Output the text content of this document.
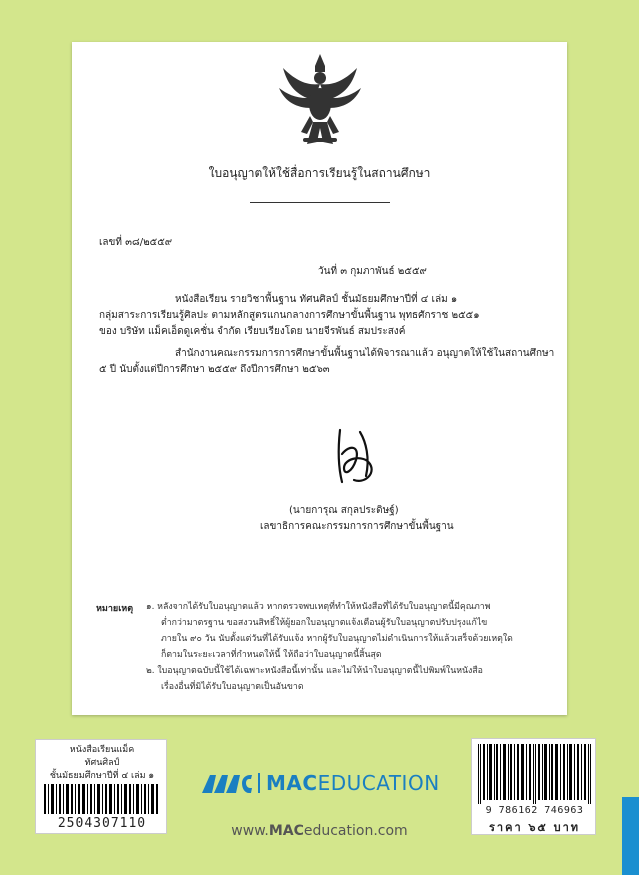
ใบอนุญาตให้ใช้สื่อการเรียนรู้ในสถานศึกษา
เลขที่ ๓๘/๒๕๕๙
วันที่ ๓ กุมภาพันธ์ ๒๕๕๙
หนังสือเรียน รายวิชาพื้นฐาน ทัศนศิลป์ ชั้นมัธยมศึกษาปีที่ ๔ เล่ม ๑
กลุ่มสาระการเรียนรู้ศิลปะ ตามหลักสูตรแกนกลางการศึกษาขั้นพื้นฐาน พุทธศักราช ๒๕๕๑
ของ บริษัท แม็คเอ็ดดูเคชั่น จำกัด เรียบเรียงโดย นายจีรพันธ์ สมประสงค์
สำนักงานคณะกรรมการการศึกษาขั้นพื้นฐานได้พิจารณาแล้ว อนุญาตให้ใช้ในสถานศึกษา
๕ ปี นับตั้งแต่ปีการศึกษา ๒๕๕๙ ถึงปีการศึกษา ๒๕๖๓
(นายการุณ สกุลประดิษฐ์)
เลขาธิการคณะกรรมการการศึกษาขั้นพื้นฐาน
หมายเหตุ ๑. หลังจากได้รับใบอนุญาตแล้ว หากตรวจพบเหตุที่ทำให้หนังสือที่ได้รับใบอนุญาตนี้มีคุณภาพ
ต่ำกว่ามาตรฐาน ขอสงวนสิทธิ์ให้ผู้ยอกใบอนุญาตแจ้งเตือนผู้รับใบอนุญาตปรับปรุงแก้ไข
ภายใน ๙๐ วัน นับตั้งแต่วันที่ได้รับแจ้ง หากผู้รับใบอนุญาตไม่ดำเนินการให้แล้วเสร็จด้วยเหตุใด
ก็ตามในระยะเวลาที่กำหนดให้นี้ ให้ถือว่าใบอนุญาตนี้สิ้นสุด
๒. ใบอนุญาตฉบับนี้ใช้ได้เฉพาะหนังสือนี้เท่านั้น และไม่ให้นำใบอนุญาตนี้ไปพิมพ์ในหนังสือ
เรื่องอื่นที่มิได้รับใบอนุญาตเป็นอันขาด
หนังสือเรียนแม็ค
ทัศนศิลป์
ชั้นมัธยมศึกษาปีที่ ๔ เล่ม ๑
2504307110
MACEDUCATION
www.MACeducation.com
9 786162 746963
ราคา ๖๕ บาท
